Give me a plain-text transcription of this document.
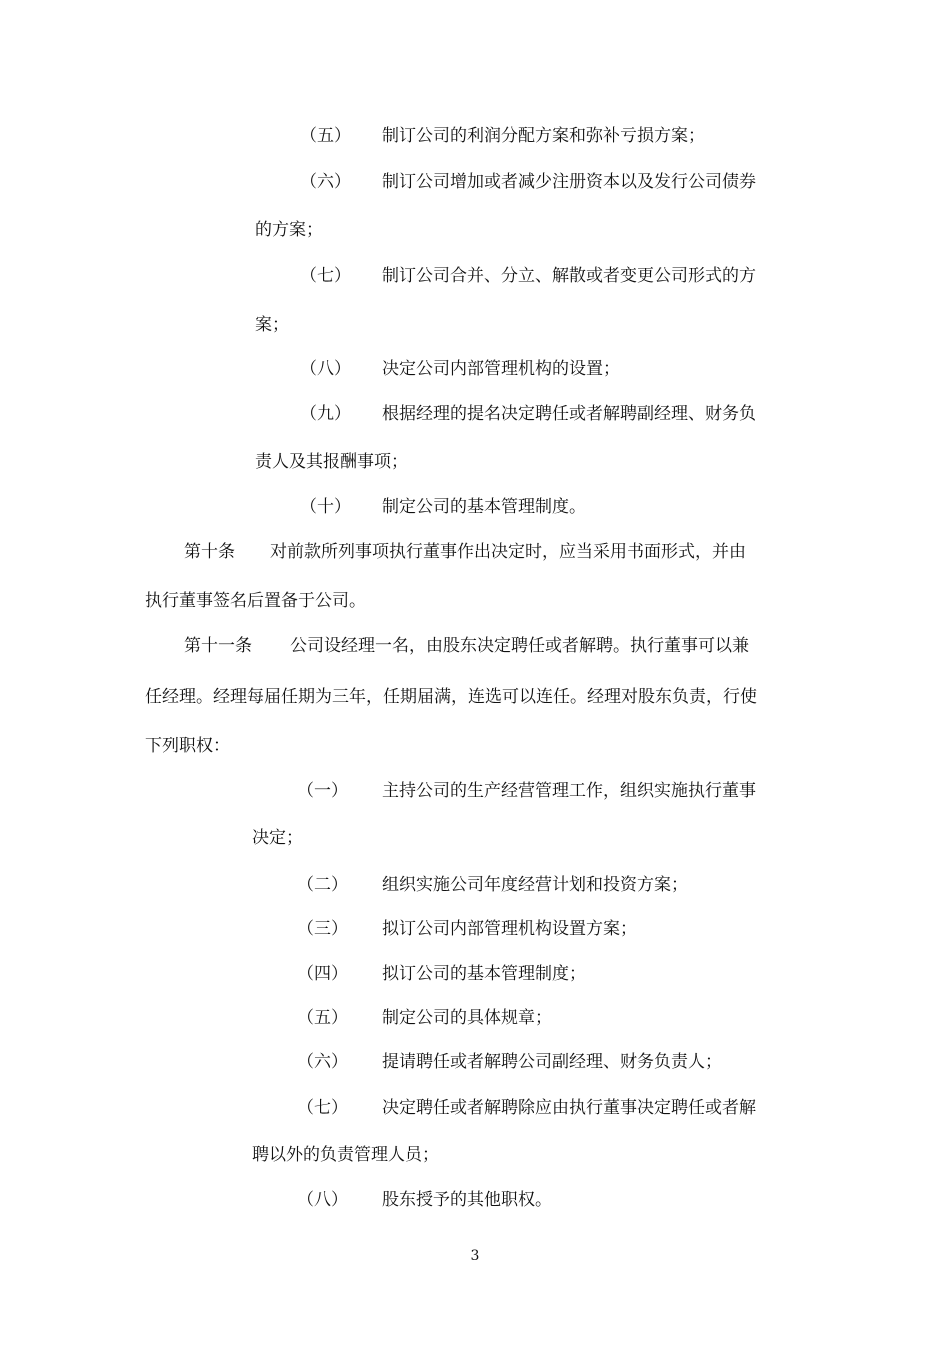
（五） 制订公司的利润分配方案和弥补亏损方案；
（六） 制订公司增加或者减少注册资本以及发行公司债券
的方案；
（七） 制订公司合并、分立、解散或者变更公司形式的方
案；
（八） 决定公司内部管理机构的设置；
（九） 根据经理的提名决定聘任或者解聘副经理、财务负
责人及其报酬事项；
（十） 制定公司的基本管理制度。
第十条 对前款所列事项执行董事作出决定时，应当采用书面形式，并由
执行董事签名后置备于公司。
第十一条 公司设经理一名，由股东决定聘任或者解聘。执行董事可以兼
任经理。经理每届任期为三年，任期届满，连选可以连任。经理对股东负责，行使
下列职权：
（一） 主持公司的生产经营管理工作，组织实施执行董事
决定；
（二） 组织实施公司年度经营计划和投资方案；
（三） 拟订公司内部管理机构设置方案；
（四） 拟订公司的基本管理制度；
（五） 制定公司的具体规章；
（六） 提请聘任或者解聘公司副经理、财务负责人；
（七） 决定聘任或者解聘除应由执行董事决定聘任或者解
聘以外的负责管理人员；
（八） 股东授予的其他职权。
3
